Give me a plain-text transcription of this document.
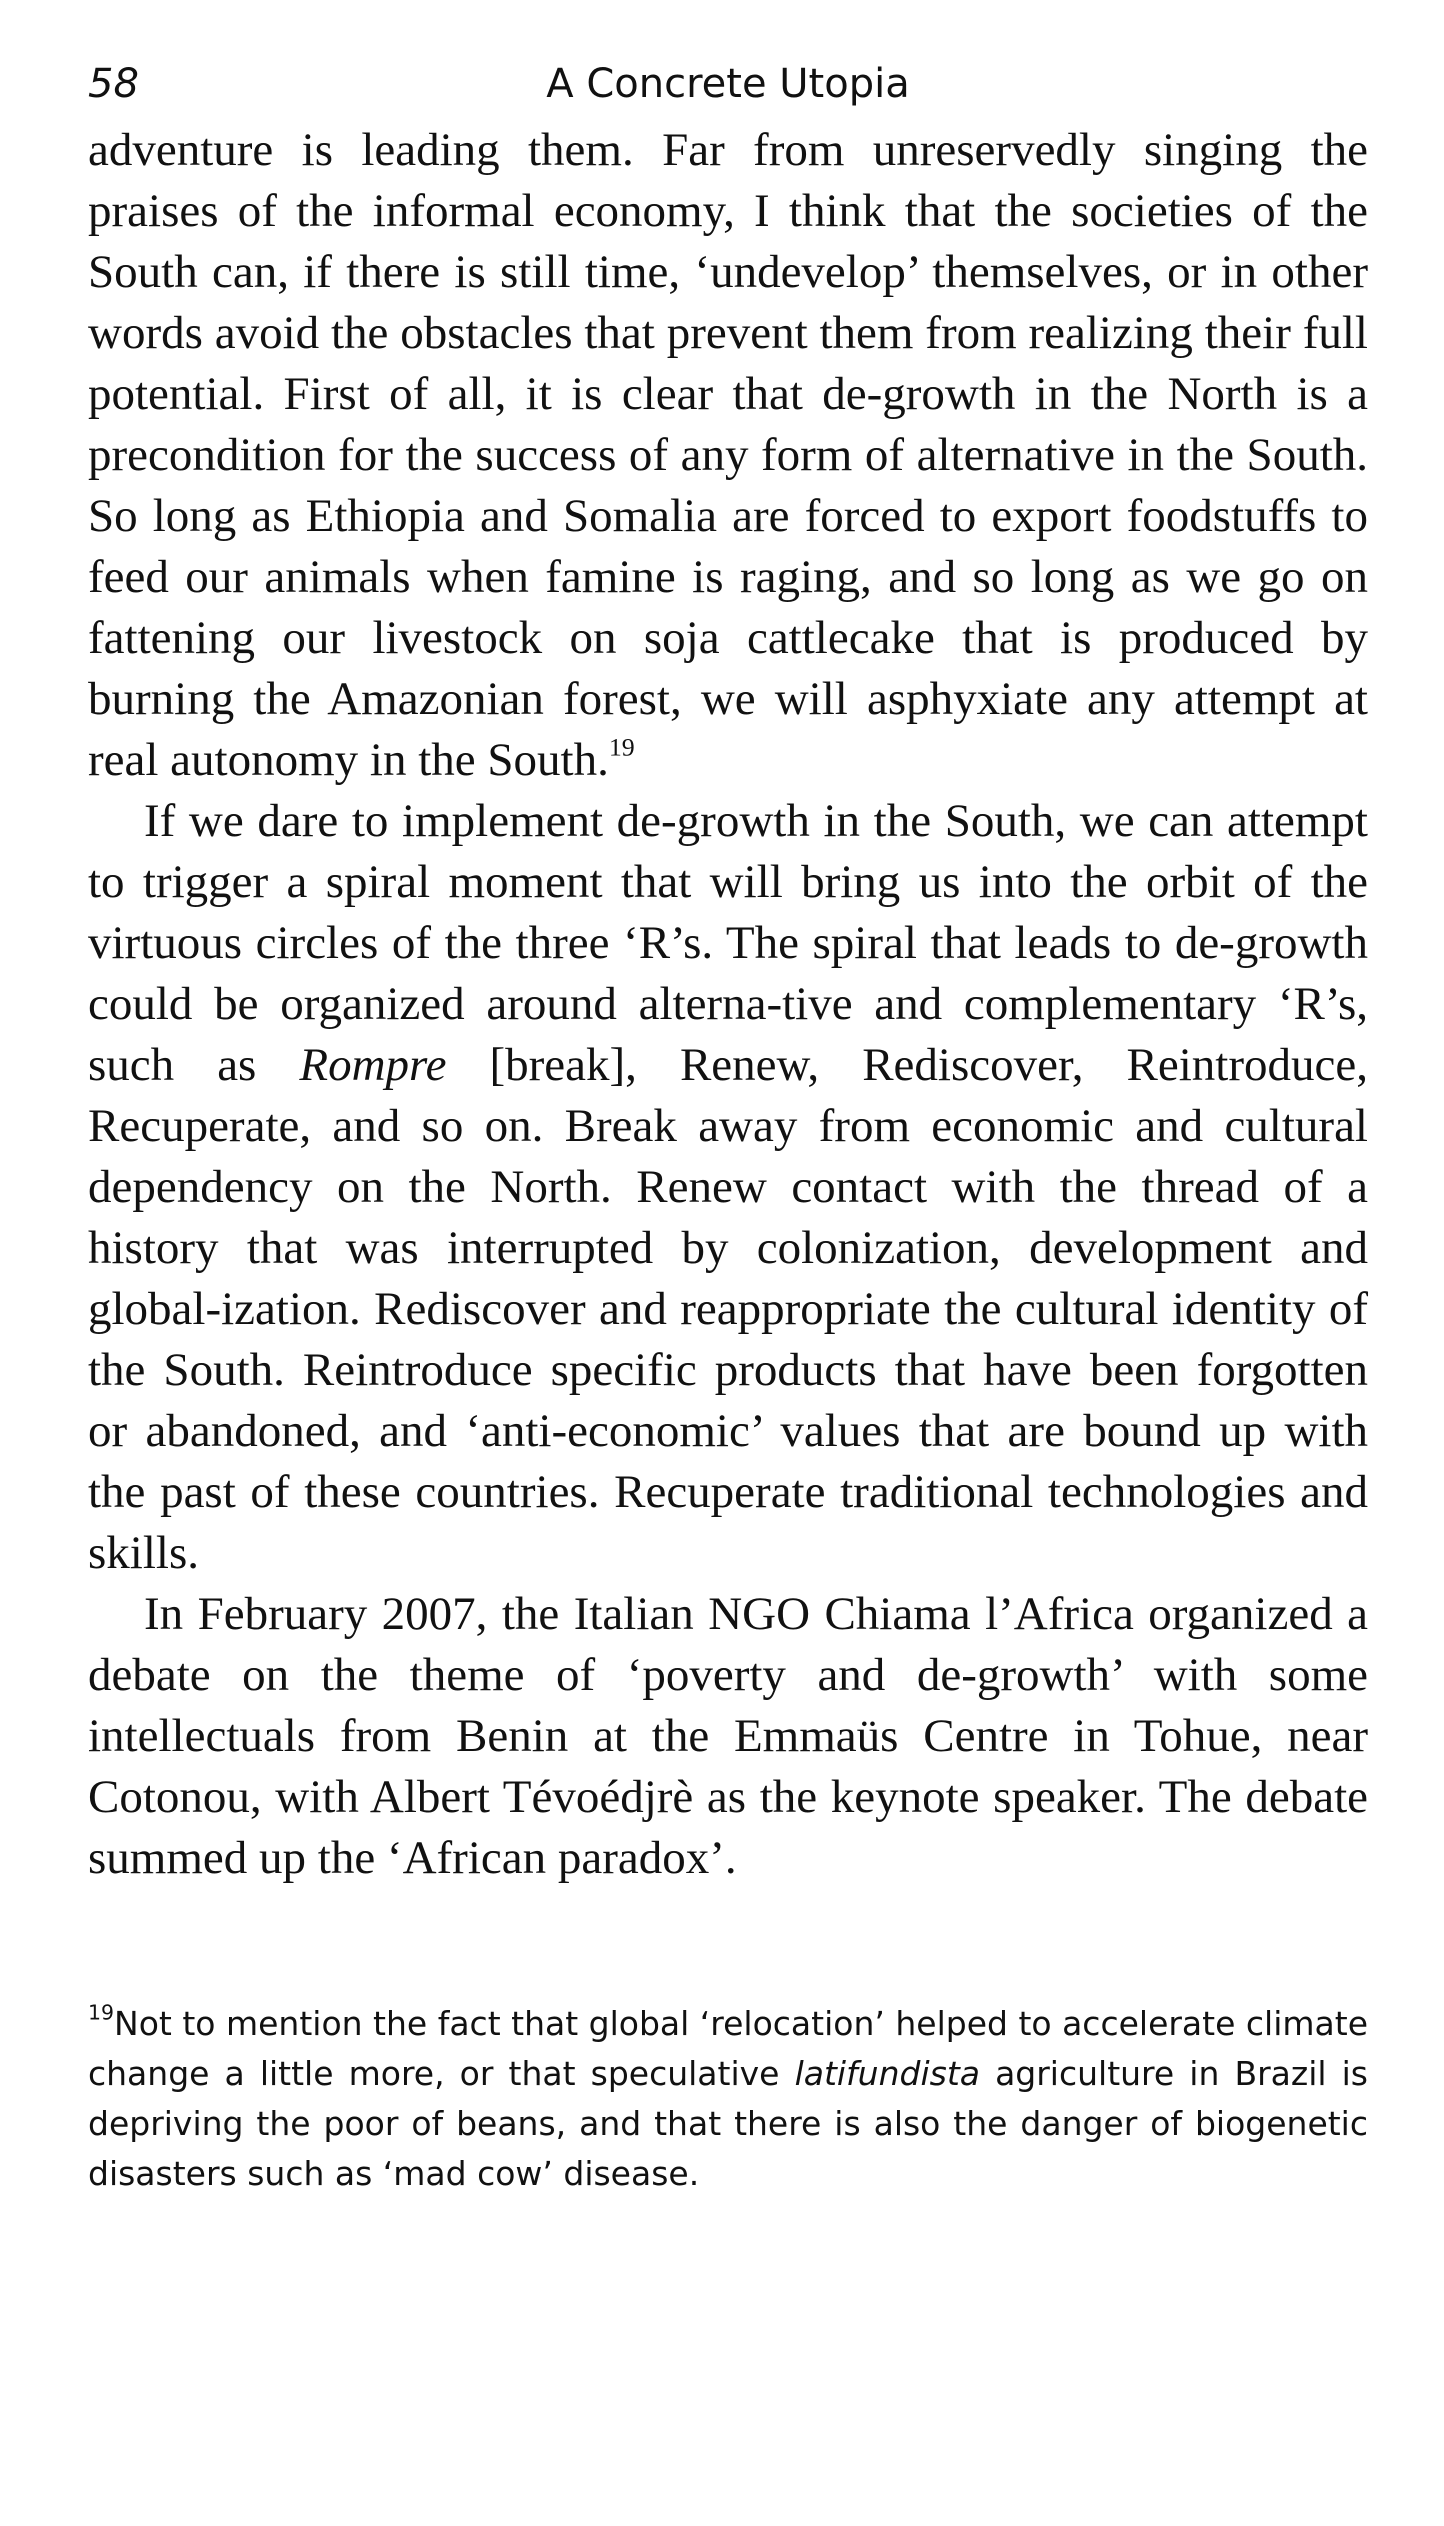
58	A Concrete Utopia

adventure is leading them. Far from unreservedly singing the praises of the informal economy, I think that the societies of the South can, if there is still time, ‘undevelop’ themselves, or in other words avoid the obstacles that prevent them from realizing their full potential. First of all, it is clear that de-growth in the North is a precondition for the success of any form of alternative in the South. So long as Ethiopia and Somalia are forced to export foodstuffs to feed our animals when famine is raging, and so long as we go on fattening our livestock on soja cattlecake that is produced by burning the Amazonian forest, we will asphyxiate any attempt at real autonomy in the South.$^{19}$

If we dare to implement de-growth in the South, we can attempt to trigger a spiral moment that will bring us into the orbit of the virtuous circles of the three ‘R’s. The spiral that leads to de-growth could be organized around alterna-tive and complementary ‘R’s, such as Rompre [break], Renew, Rediscover, Reintroduce, Recuperate, and so on. Break away from economic and cultural dependency on the North. Renew contact with the thread of a history that was interrupted by colonization, development and global-ization. Rediscover and reappropriate the cultural identity of the South. Reintroduce specific products that have been forgotten or abandoned, and ‘anti-economic’ values that are bound up with the past of these countries. Recuperate traditional technologies and skills.

In February 2007, the Italian NGO Chiama l’Africa organized a debate on the theme of ‘poverty and de-growth’ with some intellectuals from Benin at the Emmaüs Centre in Tohue, near Cotonou, with Albert Tévoédjrè as the keynote speaker. The debate summed up the ‘African paradox’.

$^{19}$Not to mention the fact that global ‘relocation’ helped to accelerate climate change a little more, or that speculative latifundista agriculture in Brazil is depriving the poor of beans, and that there is also the danger of biogenetic disasters such as ‘mad cow’ disease.
